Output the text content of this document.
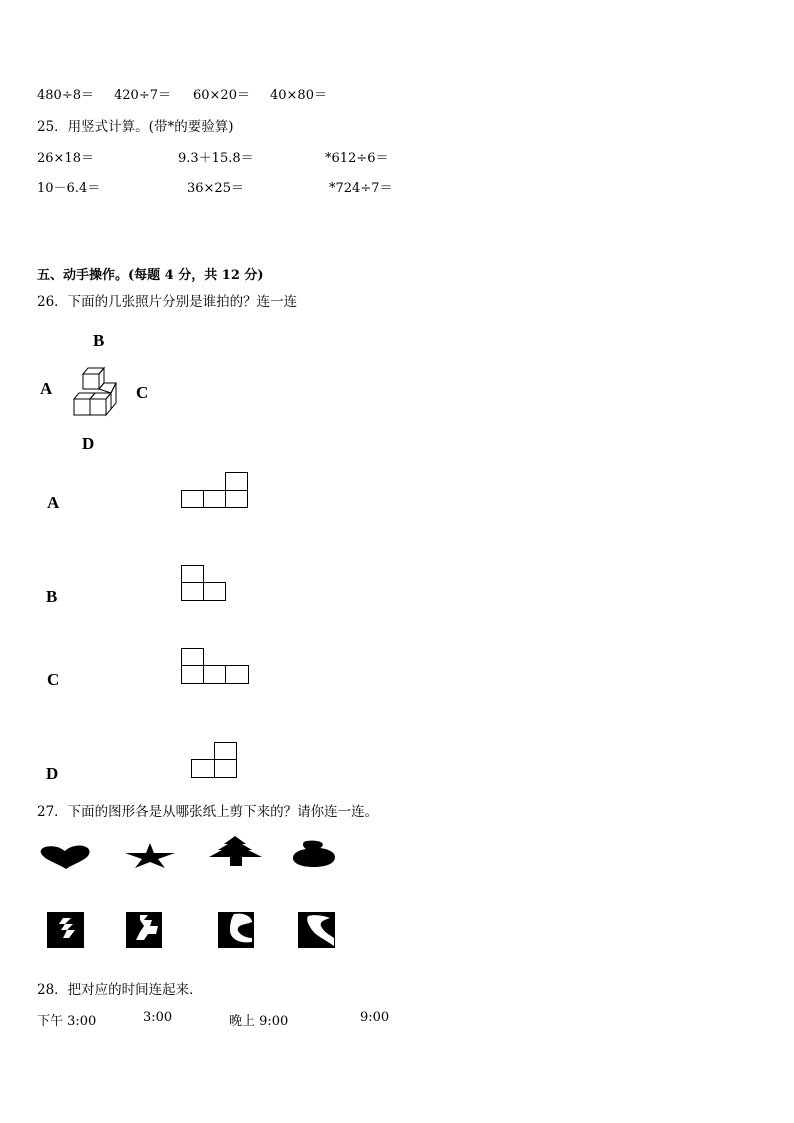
480÷8＝ 420÷7＝ 60×20＝ 40×80＝
25．用竖式计算。(带*的要验算)
26×18＝	9.3＋15.8＝	*612÷6＝
10－6.4＝	36×25＝	*724÷7＝
五、动手操作。(每题 4 分，共 12 分)
26．下面的几张照片分别是谁拍的？连一连
B
A	C
D
A
B
C
D
27．下面的图形各是从哪张纸上剪下来的？请你连一连。
28．把对应的时间连起来．
下午 3:00	3:00	晚上 9:00	9:00
